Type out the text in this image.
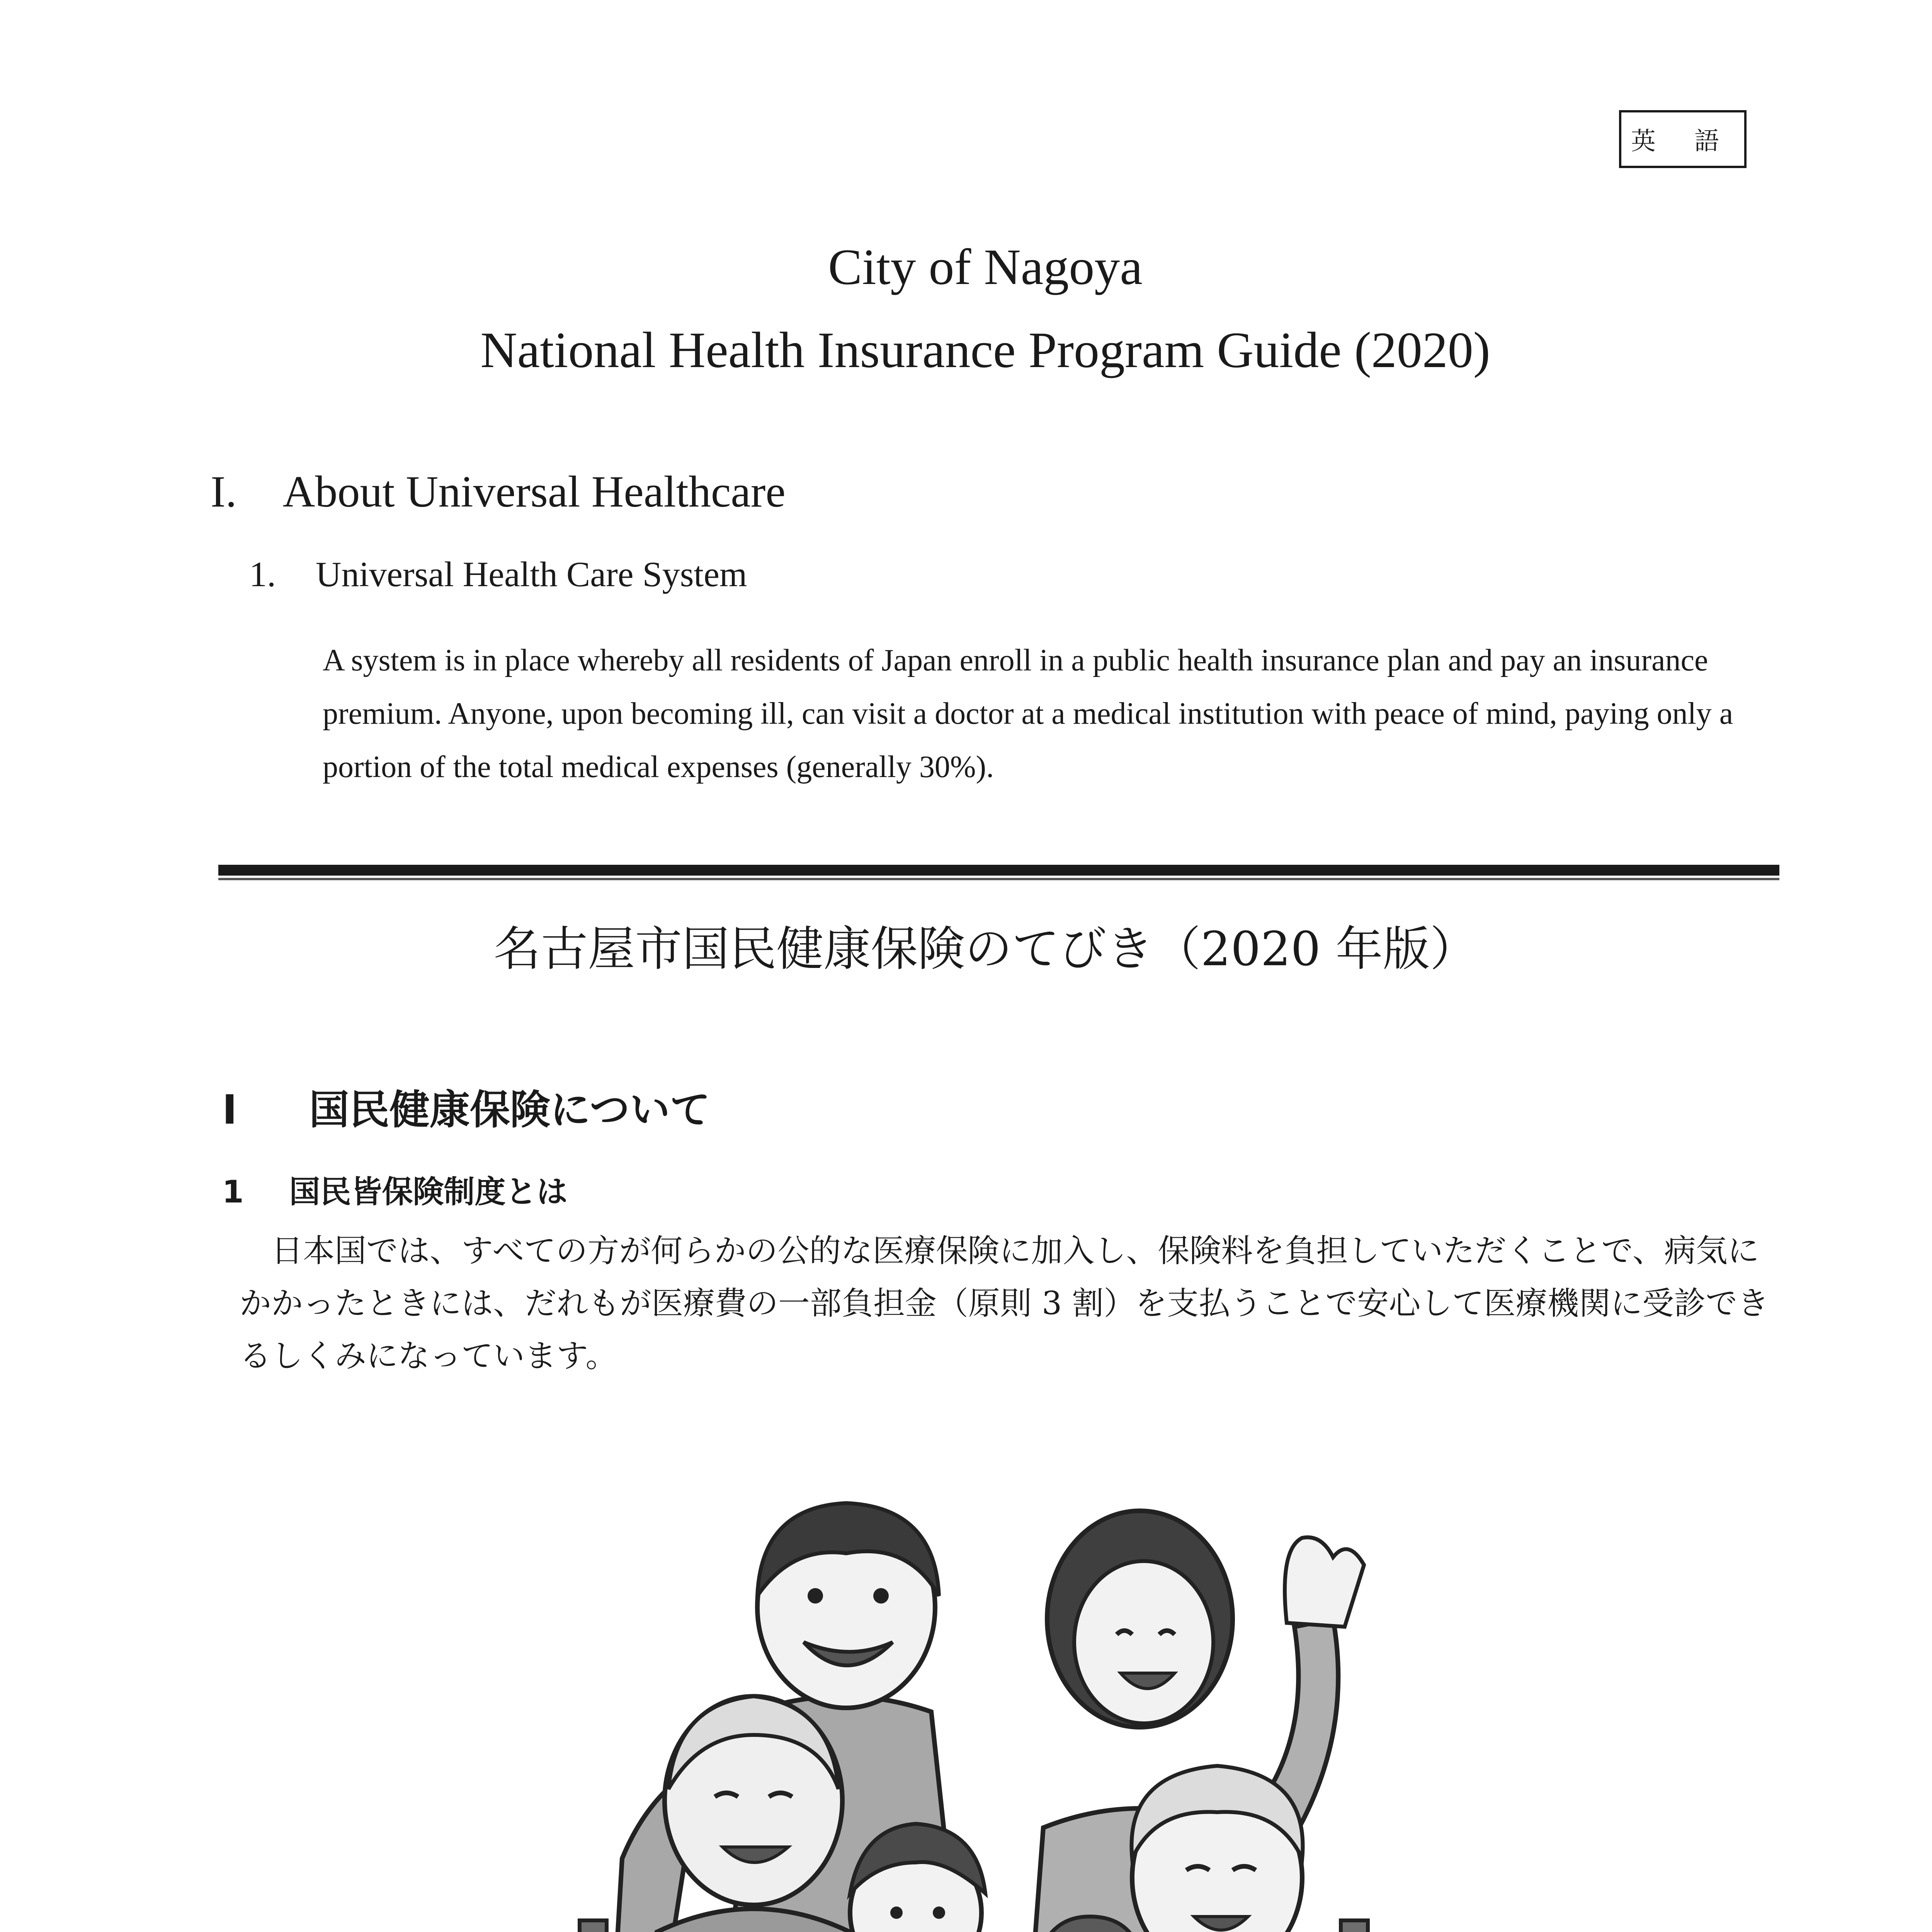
英 語
City of Nagoya
National Health Insurance Program Guide (2020)
I. About Universal Healthcare
1. Universal Health Care System
A system is in place whereby all residents of Japan enroll in a public health insurance plan and pay an insurance premium. Anyone, upon becoming ill, can visit a doctor at a medical institution with peace of mind, paying only a portion of the total medical expenses (generally 30%).
名古屋市国民健康保険のてびき（2020 年版）
Ⅰ 国民健康保険について
1 国民皆保険制度とは
日本国では、すべての方が何らかの公的な医療保険に加入し、保険料を負担していただくことで、病気にかかったときには、だれもが医療費の一部負担金（原則 3 割）を支払うことで安心して医療機関に受診できるしくみになっています。
